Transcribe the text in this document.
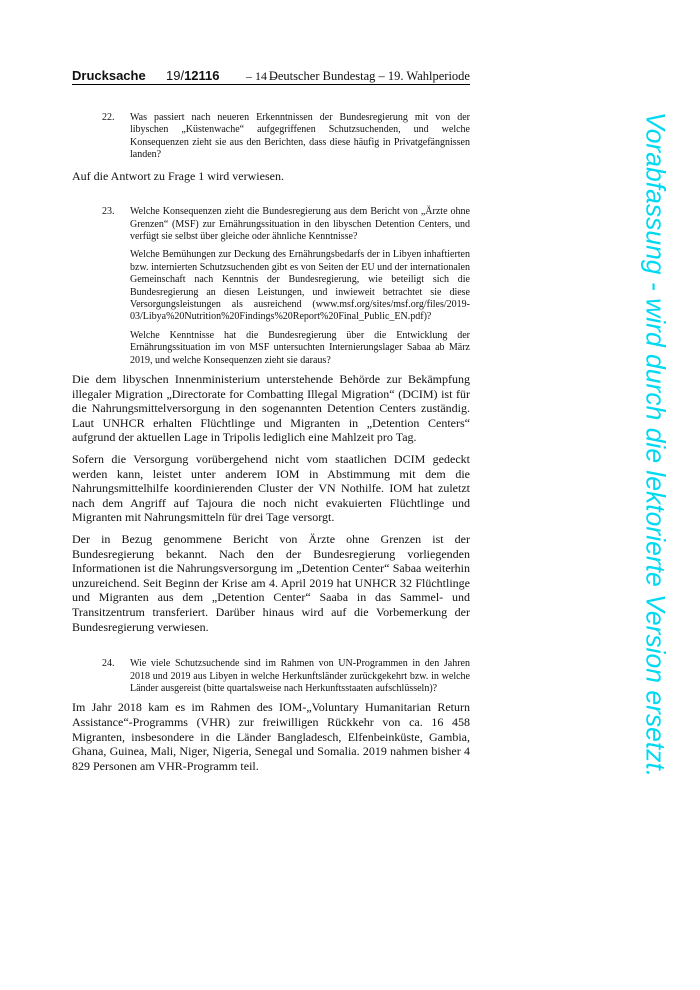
Drucksache 19/12116	– 14 –
Deutscher Bundestag – 19. Wahlperiode
22. Was passiert nach neueren Erkenntnissen der Bundesregierung mit von der libyschen „Küstenwache“ aufgegriffenen Schutzsuchenden, und welche Konsequenzen zieht sie aus den Berichten, dass diese häufig in Privatgefängnissen landen?

Auf die Antwort zu Frage 1 wird verwiesen.

23. Welche Konsequenzen zieht die Bundesregierung aus dem Bericht von „Ärzte ohne Grenzen“ (MSF) zur Ernährungssituation in den libyschen Detention Centers, und verfügt sie selbst über gleiche oder ähnliche Kenntnisse?

Welche Bemühungen zur Deckung des Ernährungsbedarfs der in Libyen inhaftierten bzw. internierten Schutzsuchenden gibt es von Seiten der EU und der internationalen Gemeinschaft nach Kenntnis der Bundesregierung, wie beteiligt sich die Bundesregierung an diesen Leistungen, und inwieweit betrachtet sie diese Versorgungsleistungen als ausreichend (www.msf.org/sites/msf.org/files/2019-03/Libya%20Nutrition%20Findings%20Report%20Final_Public_EN.pdf)?

Welche Kenntnisse hat die Bundesregierung über die Entwicklung der Ernährungssituation im von MSF untersuchten Internierungslager Sabaa ab März 2019, und welche Konsequenzen zieht sie daraus?

Die dem libyschen Innenministerium unterstehende Behörde zur Bekämpfung illegaler Migration „Directorate for Combatting Illegal Migration“ (DCIM) ist für die Nahrungsmittelversorgung in den sogenannten Detention Centers zuständig. Laut UNHCR erhalten Flüchtlinge und Migranten in „Detention Centers“ aufgrund der aktuellen Lage in Tripolis lediglich eine Mahlzeit pro Tag.

Sofern die Versorgung vorübergehend nicht vom staatlichen DCIM gedeckt werden kann, leistet unter anderem IOM in Abstimmung mit dem die Nahrungsmittelhilfe koordinierenden Cluster der VN Nothilfe. IOM hat zuletzt nach dem Angriff auf Tajoura die noch nicht evakuierten Flüchtlinge und Migranten mit Nahrungsmitteln für drei Tage versorgt.

Der in Bezug genommene Bericht von Ärzte ohne Grenzen ist der Bundesregierung bekannt. Nach den der Bundesregierung vorliegenden Informationen ist die Nahrungsversorgung im „Detention Center“ Sabaa weiterhin unzureichend. Seit Beginn der Krise am 4. April 2019 hat UNHCR 32 Flüchtlinge und Migranten aus dem „Detention Center“ Saaba in das Sammel- und Transitzentrum transferiert. Darüber hinaus wird auf die Vorbemerkung der Bundesregierung verwiesen.

24. Wie viele Schutzsuchende sind im Rahmen von UN-Programmen in den Jahren 2018 und 2019 aus Libyen in welche Herkunftsländer zurückgekehrt bzw. in welche Länder ausgereist (bitte quartalsweise nach Herkunftsstaaten aufschlüsseln)?

Im Jahr 2018 kam es im Rahmen des IOM-„Voluntary Humanitarian Return Assistance“-Programms (VHR) zur freiwilligen Rückkehr von ca. 16 458 Migranten, insbesondere in die Länder Bangladesch, Elfenbeinküste, Gambia, Ghana, Guinea, Mali, Niger, Nigeria, Senegal und Somalia. 2019 nahmen bisher 4 829 Personen am VHR-Programm teil.	Vorabfassung - wird durch die lektorierte Version ersetzt.
